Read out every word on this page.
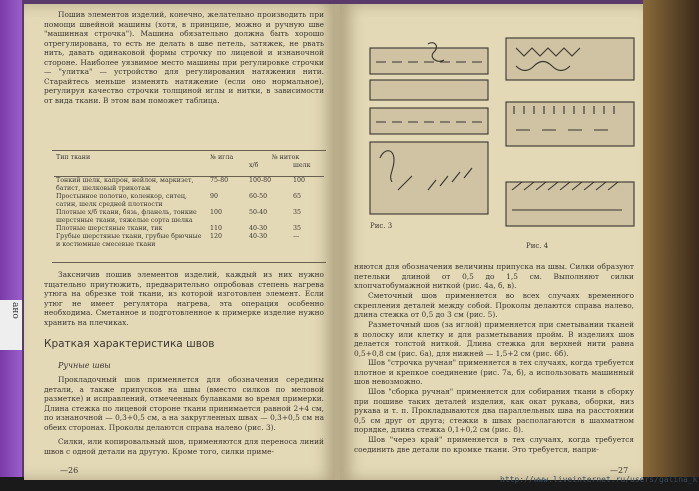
ано
Пошив элементов изделий, конечно, желательно производить при помощи швейной машины (хотя, в принципе, можно и ручную шве "машинная строчка"). Машина обязательно должна быть хорошо отрегулирована, то есть не делать в шве петель, затяжек, не рвать нить, давать одинаковой формы строчку по лицевой и изнаночной стороне. Наиболее уязвимое место машины при регулировке строчки — "улитка" — устройство для регулирования натяжения нити. Старайтесь меньше изменять натяжение (если оно нормальное), регулируя качество строчки толщиной иглы и нитки, в зависимости от вида ткани. В этом вам поможет таблица.
Тип ткани	№ игла	№ ниток	
		х/б	шелк

Тонкий шелк, капрон, нейлон, маркизет, батист, шелковый трикотаж	75-80	100-80	100
Простынное полотно, коленкор, ситец, сатин, шелк средней плотности	90	60-50	65
Плотные х/б ткани, бязь, фланель, тонкие шерстяные ткани, тяжелые сорта шелка	100	50-40	35
Плотные шерстяные ткани, тик	110	40-30	35
Грубые шерстяные ткани, грубые брючные и костюмные смесевые ткани	120	40-30	—
Заксничив пошив элементов изделий, каждый из них нужно тщательно приутюжить, предварительно опробовав степень нагрева утюга на обрезке той ткани, из которой изготовлен элемент. Если утюг не имеет регулятора нагрева, эта операция особенно необходима. Сметанное и подготовленное к примерке изделие нужно хранить на плечиках.
Краткая характеристика швов
Ручные швы
Прокладочный шов применяется для обозначения середины детали, а также припусков на швы (вместо силков по меловой разметке) и исправлений, отмеченных булавками во время примерки. Длина стежка по лицевой стороне ткани принимается равной 2+4 см, по изнаночной — 0,3+0,5 см, а на закругленных швах — 0,3+0,5 см на обеих сторонах. Проколы делаются справа налево (рис. 3).
Силки, или копировальный шов, применяются для переноса линий швов с одной детали на другую. Кроме того, силки приме-
—26
Рис. 3
Рис. 4
няются для обозначения величины припуска на швы. Силки образуют петельки длиной от 0,5 до 1,5 см. Выполняют силки хлопчатобумажной ниткой (рис. 4а, б, в).
Сметочный шов применяется во всех случаях временного скрепления деталей между собой. Проколы делаются справа налево, длина стежка от 0,5 до 3 см (рис. 5).
Разметочный шов (за иглой) применяется при сметывании тканей в полоску или клетку и для разметывания пройм. В изделиях шов делается толстой ниткой. Длина стежка для верхней нити равна 0,5+0,8 см (рис. 6а), для нижней — 1,5+2 см (рис. 6б).
Шов "строчка ручная" применяется в тех случаях, когда требуется плотное и крепкое соединение (рис. 7а, б), а использовать машинный шов невозможно.
Шов "сборка ручная" применяется для собирания ткани в сборку при пошиве таких деталей изделия, как окат рукава, оборки, низ рукава и т. п. Прокладываются два параллельных шва на расстоянии 0,5 см друг от друга; стежки в швах располагаются в шахматном порядке, длина стежка 0,1+0,2 см (рис. 8).
Шов "через край" применяется в тех случаях, когда требуется соединить две детали по кромке ткани. Это требуется, напри-
—27
http://www.liveinternet.ru/users/galina_k
